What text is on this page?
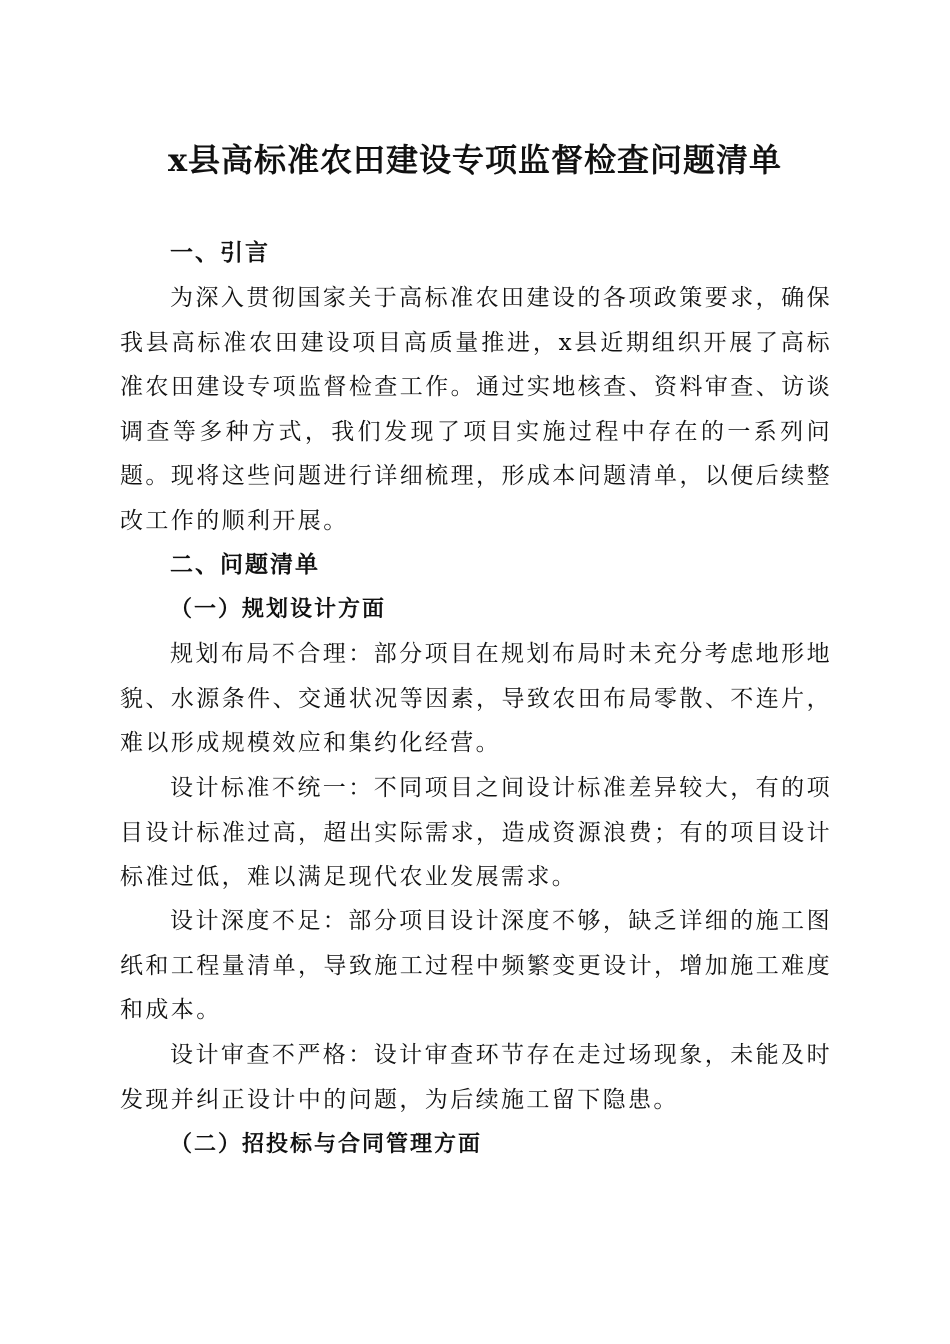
x县高标准农田建设专项监督检查问题清单
一、引言

为深入贯彻国家关于高标准农田建设的各项政策要求，确保我县高标准农田建设项目高质量推进，x县近期组织开展了高标准农田建设专项监督检查工作。通过实地核查、资料审查、访谈调查等多种方式，我们发现了项目实施过程中存在的一系列问题。现将这些问题进行详细梳理，形成本问题清单，以便后续整改工作的顺利开展。

二、问题清单
（一）规划设计方面

规划布局不合理：部分项目在规划布局时未充分考虑地形地貌、水源条件、交通状况等因素，导致农田布局零散、不连片，难以形成规模效应和集约化经营。

设计标准不统一：不同项目之间设计标准差异较大，有的项目设计标准过高，超出实际需求，造成资源浪费；有的项目设计标准过低，难以满足现代农业发展需求。

设计深度不足：部分项目设计深度不够，缺乏详细的施工图纸和工程量清单，导致施工过程中频繁变更设计，增加施工难度和成本。

设计审查不严格：设计审查环节存在走过场现象，未能及时发现并纠正设计中的问题，为后续施工留下隐患。

（二）招投标与合同管理方面
